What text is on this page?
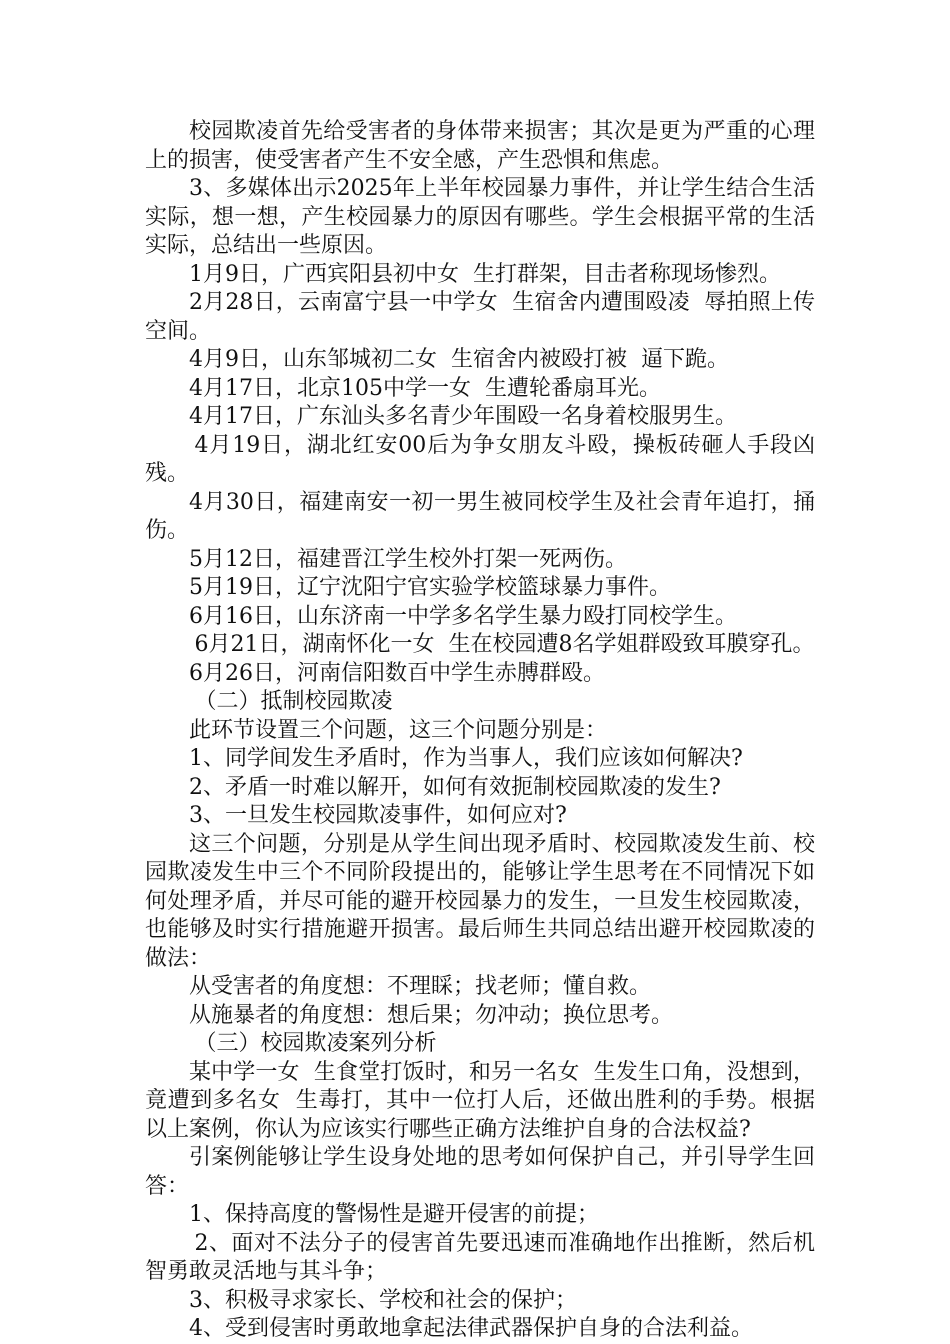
校园欺凌首先给受害者的身体带来损害；其次是更为严重的心理上的损害，使受害者产生不安全感，产生恐惧和焦虑。

3、多媒体出示2025年上半年校园暴力事件，并让学生结合生活实际，想一想，产生校园暴力的原因有哪些。学生会根据平常的生活实际，总结出一些原因。

1月9日，广西宾阳县初中女  生打群架，目击者称现场惨烈。

2月28日，云南富宁县一中学女  生宿舍内遭围殴凌  辱拍照上传空间。

4月9日，山东邹城初二女  生宿舍内被殴打被  逼下跪。

4月17日，北京105中学一女  生遭轮番扇耳光。

4月17日，广东汕头多名青少年围殴一名身着校服男生。

4月19日，湖北红安00后为争女朋友斗殴，操板砖砸人手段凶残。

4月30日，福建南安一初一男生被同校学生及社会青年追打，捅伤。

5月12日，福建晋江学生校外打架一死两伤。

5月19日，辽宁沈阳宁官实验学校篮球暴力事件。

6月16日，山东济南一中学多名学生暴力殴打同校学生。

6月21日，湖南怀化一女  生在校园遭8名学姐群殴致耳膜穿孔。

6月26日，河南信阳数百中学生赤膊群殴。

（二）抵制校园欺凌

此环节设置三个问题，这三个问题分别是：

1、同学间发生矛盾时，作为当事人，我们应该如何解决?

2、矛盾一时难以解开，如何有效扼制校园欺凌的发生?

3、一旦发生校园欺凌事件，如何应对?

这三个问题，分别是从学生间出现矛盾时、校园欺凌发生前、校园欺凌发生中三个不同阶段提出的，能够让学生思考在不同情况下如何处理矛盾，并尽可能的避开校园暴力的发生，一旦发生校园欺凌，也能够及时实行措施避开损害。最后师生共同总结出避开校园欺凌的做法：

从受害者的角度想：不理睬；找老师；懂自救。

从施暴者的角度想：想后果；勿冲动；换位思考。

（三）校园欺凌案列分析

某中学一女  生食堂打饭时，和另一名女  生发生口角，没想到，竟遭到多名女  生毒打，其中一位打人后，还做出胜利的手势。根据以上案例，你认为应该实行哪些正确方法维护自身的合法权益?

引案例能够让学生设身处地的思考如何保护自己，并引导学生回答：

1、保持高度的警惕性是避开侵害的前提；

2、面对不法分子的侵害首先要迅速而准确地作出推断，然后机智勇敢灵活地与其斗争；

3、积极寻求家长、学校和社会的保护；

4、受到侵害时勇敢地拿起法律武器保护自身的合法利益。
